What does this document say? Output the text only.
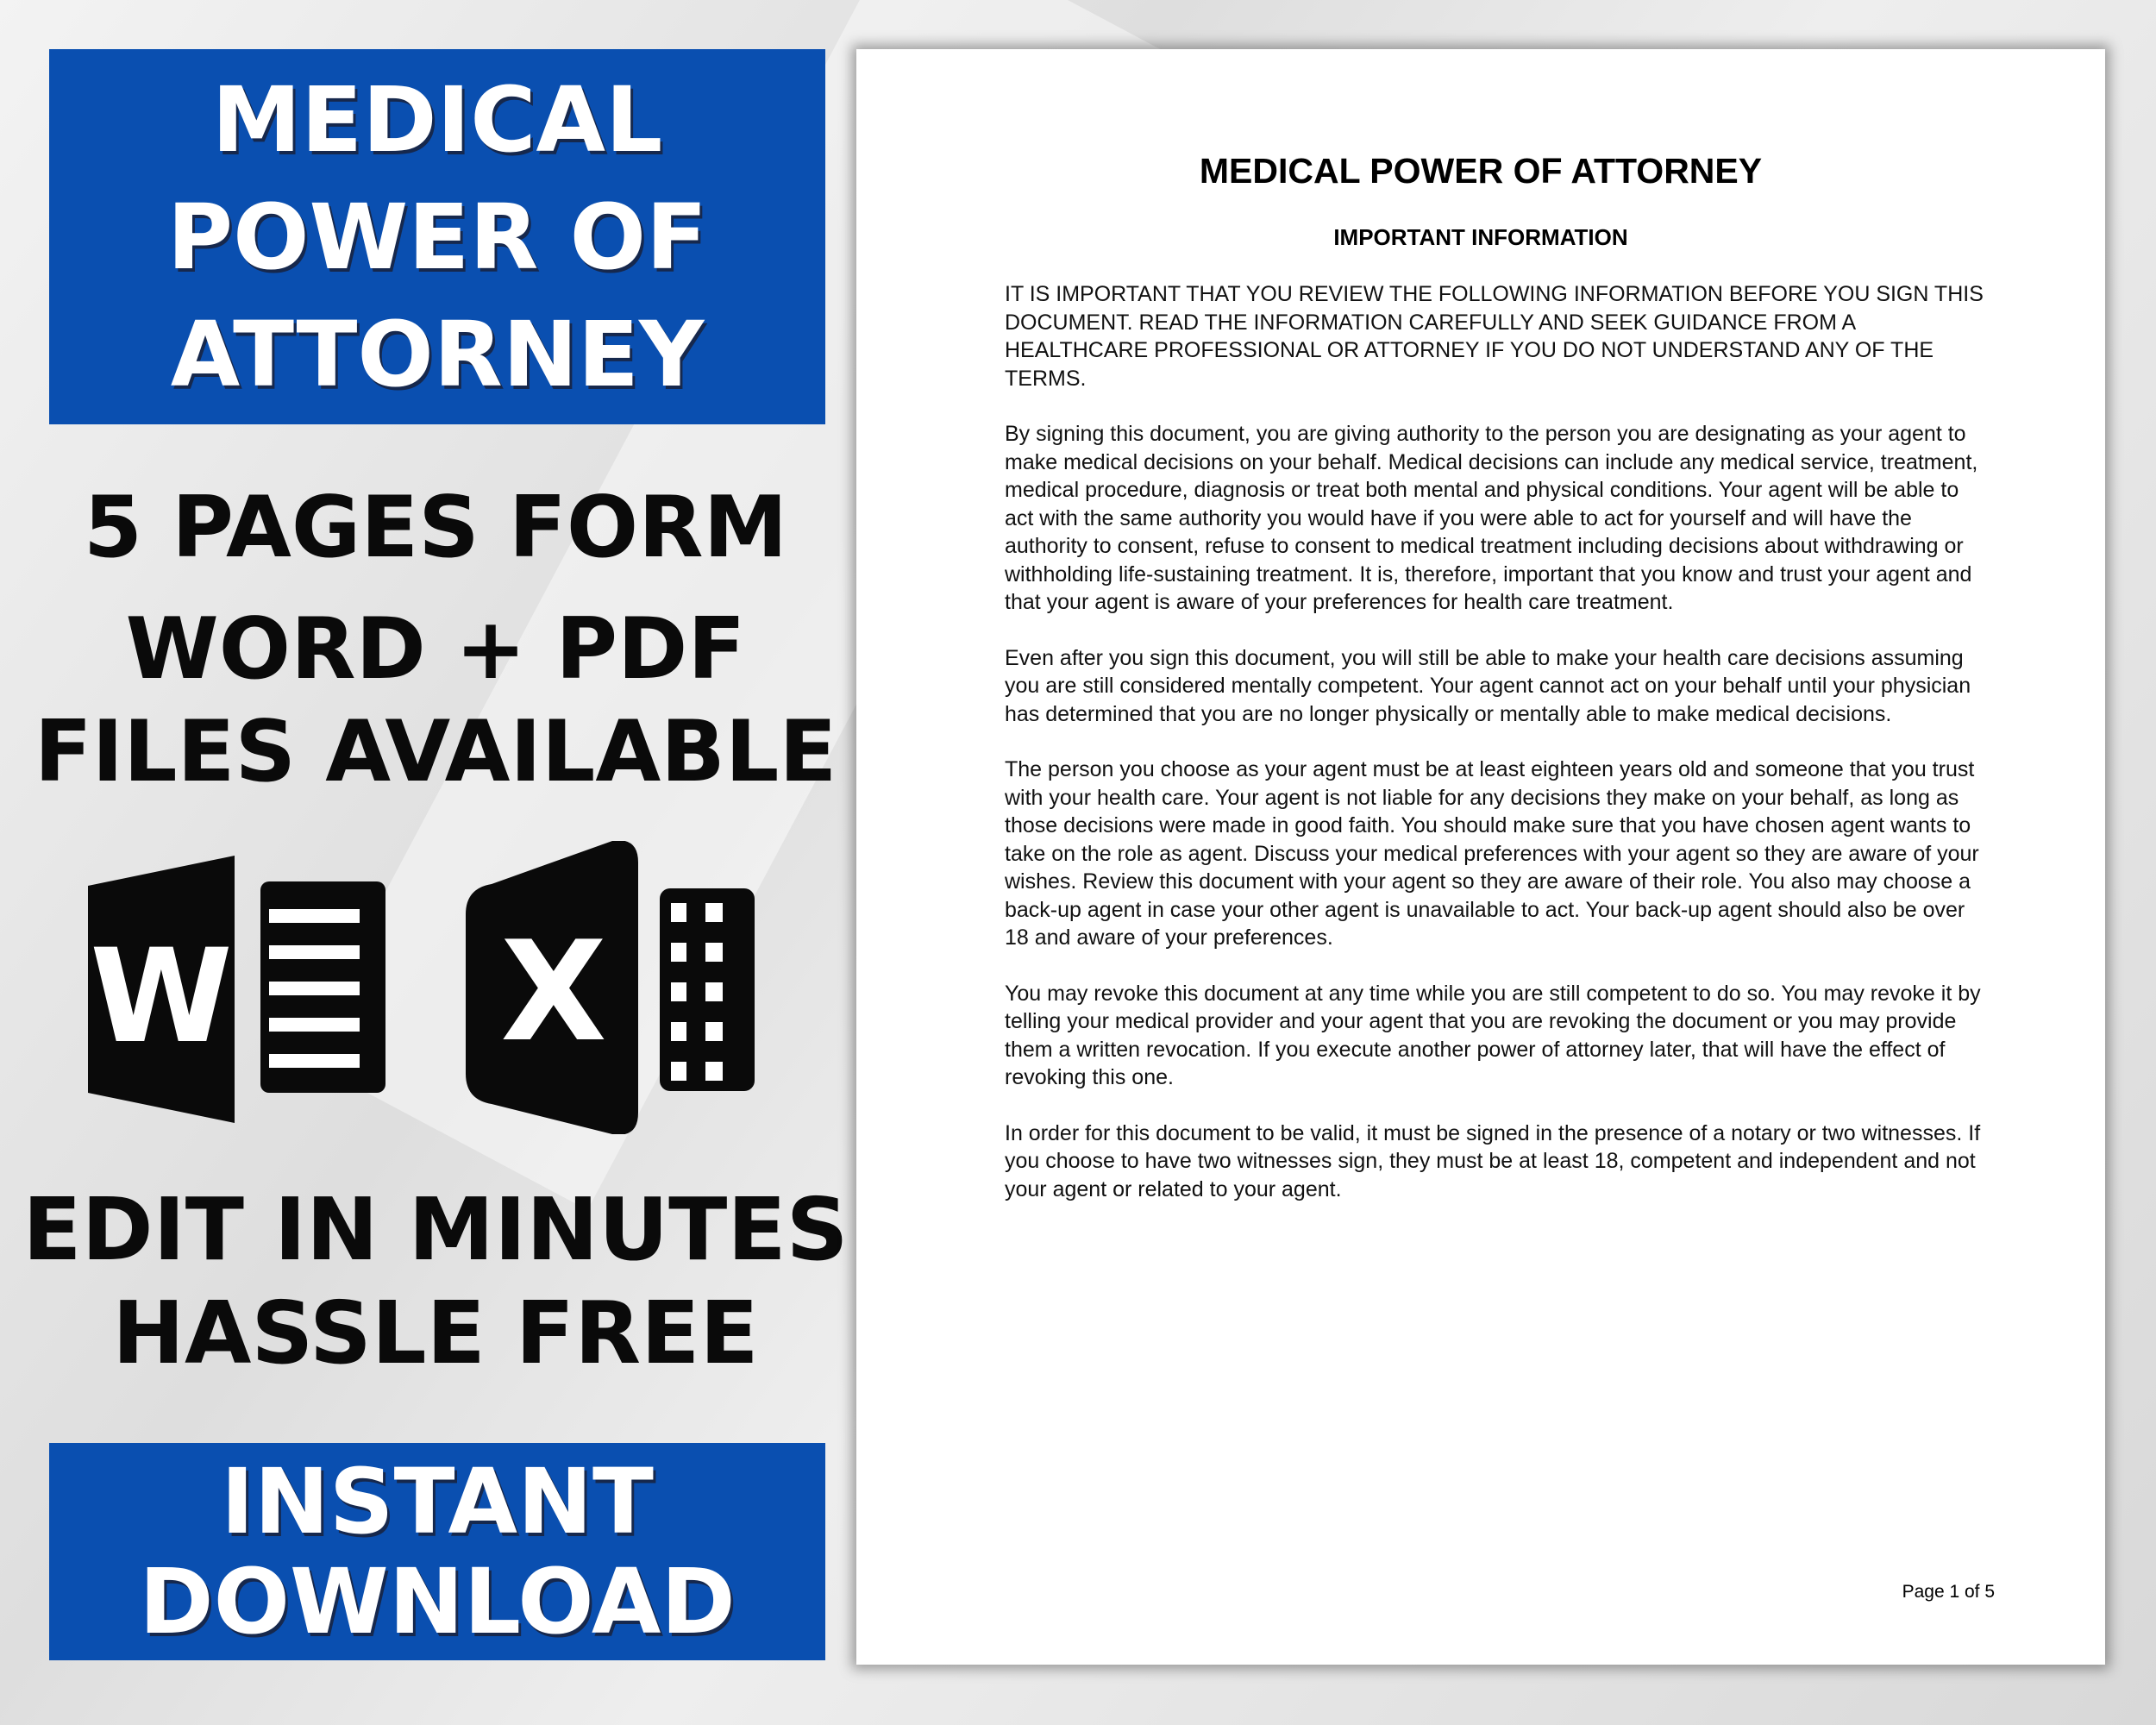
MEDICAL
POWER OF
ATTORNEY
5 PAGES FORM
WORD + PDF
FILES AVAILABLE
W X
EDIT IN MINUTES
HASSLE FREE
INSTANT
DOWNLOAD
MEDICAL POWER OF ATTORNEY
IMPORTANT INFORMATION

IT IS IMPORTANT THAT YOU REVIEW THE FOLLOWING INFORMATION BEFORE YOU SIGN THIS DOCUMENT. READ THE INFORMATION CAREFULLY AND SEEK GUIDANCE FROM A HEALTHCARE PROFESSIONAL OR ATTORNEY IF YOU DO NOT UNDERSTAND ANY OF THE TERMS.

By signing this document, you are giving authority to the person you are designating as your agent to make medical decisions on your behalf. Medical decisions can include any medical service, treatment, medical procedure, diagnosis or treat both mental and physical conditions. Your agent will be able to act with the same authority you would have if you were able to act for yourself and will have the authority to consent, refuse to consent to medical treatment including decisions about withdrawing or withholding life-sustaining treatment. It is, therefore, important that you know and trust your agent and that your agent is aware of your preferences for health care treatment.

Even after you sign this document, you will still be able to make your health care decisions assuming you are still considered mentally competent. Your agent cannot act on your behalf until your physician has determined that you are no longer physically or mentally able to make medical decisions.

The person you choose as your agent must be at least eighteen years old and someone that you trust with your health care. Your agent is not liable for any decisions they make on your behalf, as long as those decisions were made in good faith. You should make sure that you have chosen agent wants to take on the role as agent. Discuss your medical preferences with your agent so they are aware of your wishes. Review this document with your agent so they are aware of their role. You also may choose a back-up agent in case your other agent is unavailable to act. Your back-up agent should also be over 18 and aware of your preferences.

You may revoke this document at any time while you are still competent to do so. You may revoke it by telling your medical provider and your agent that you are revoking the document or you may provide them a written revocation. If you execute another power of attorney later, that will have the effect of revoking this one.

In order for this document to be valid, it must be signed in the presence of a notary or two witnesses. If you choose to have two witnesses sign, they must be at least 18, competent and independent and not your agent or related to your agent.

Page 1 of 5
